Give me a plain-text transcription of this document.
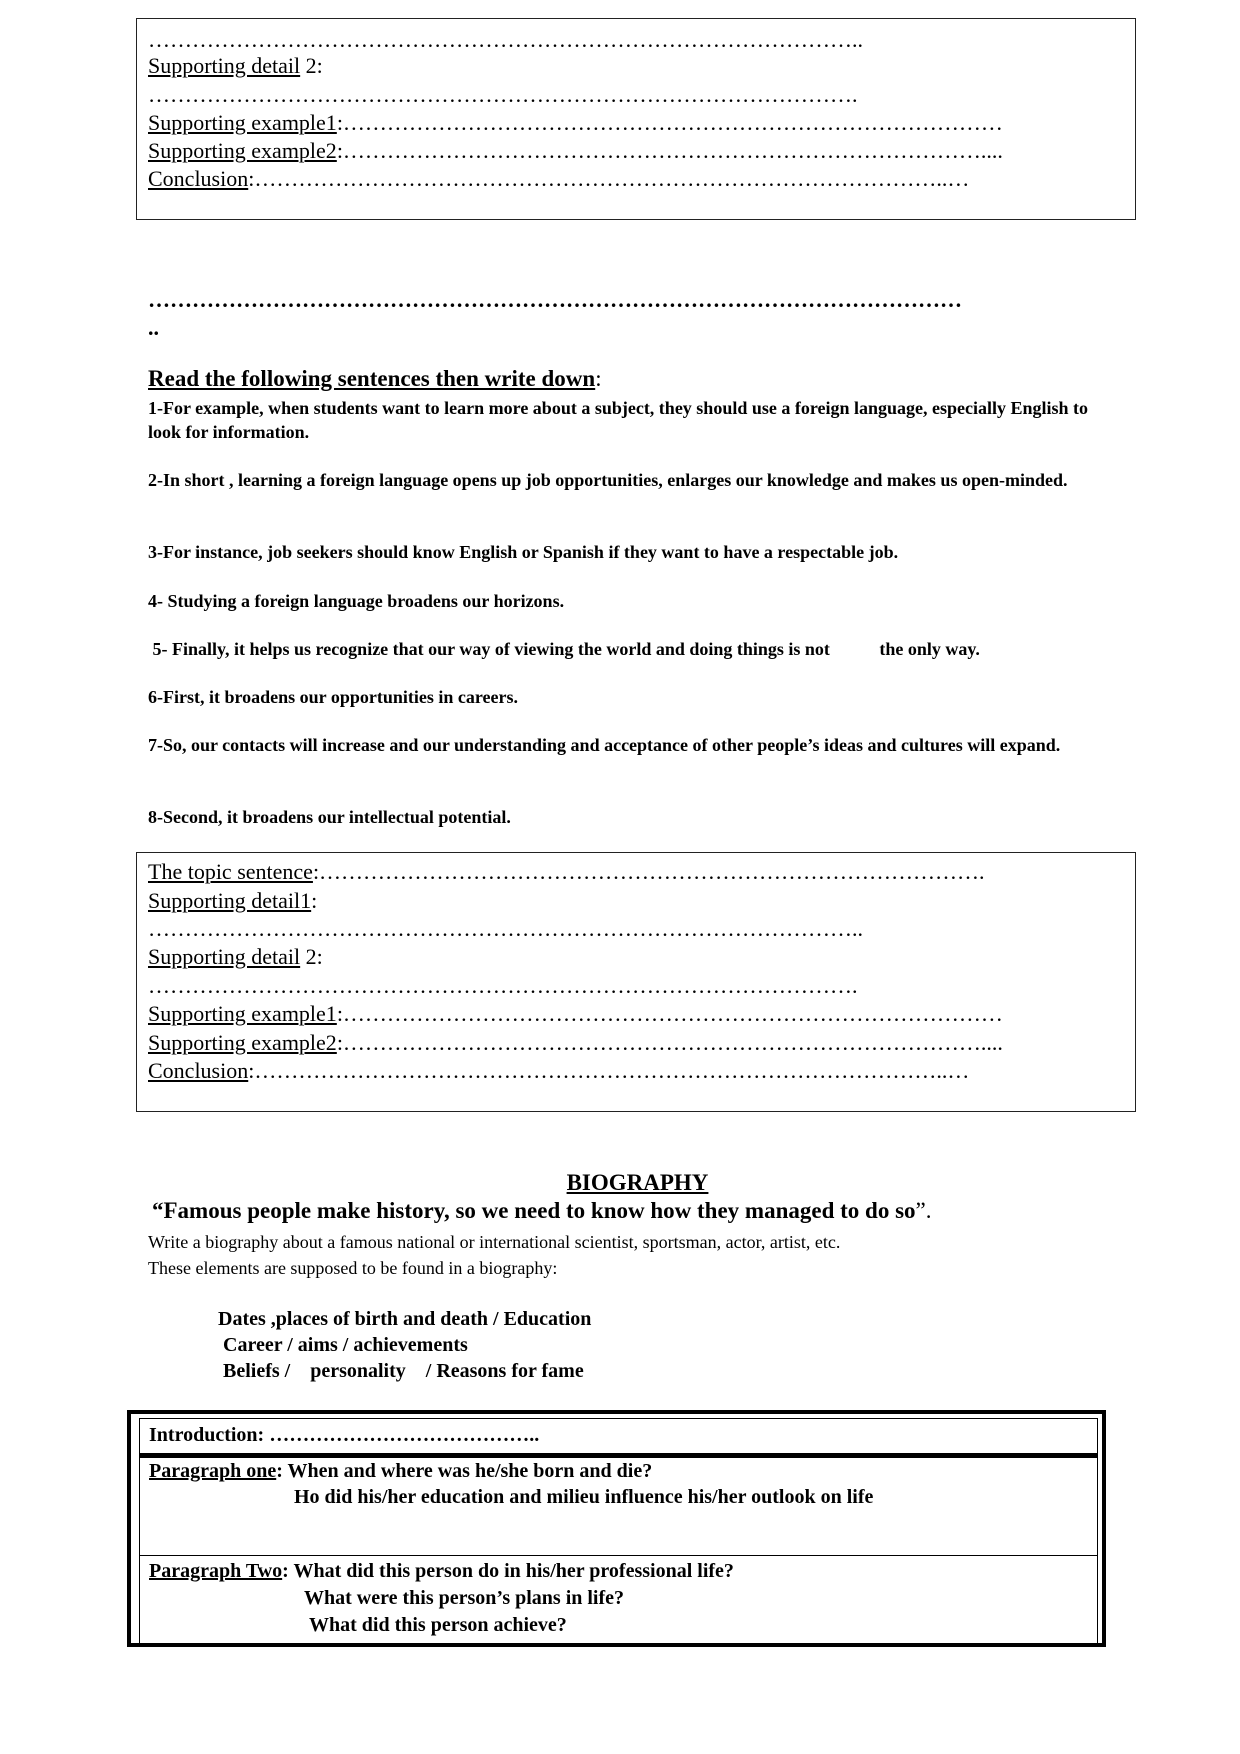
……………………………………………………………………………………..
Supporting detail 2:
…………………………………………………………………………………….
Supporting example1:………………………………………………………………………………
Supporting example2:……………………………………………………………………………....
Conclusion:…………………………………………………………………………………..…
…………………………………………………………………………………………………
..
Read the following sentences then write down:
1-For example, when students want to learn more about a subject, they should use a foreign language, especially English to look for information.
2-In short , learning a foreign language opens up job opportunities, enlarges our knowledge and makes us open-minded.
3-For instance, job seekers should know English or Spanish if they want to have a respectable job.
4- Studying a foreign language broadens our horizons.
5- Finally, it helps us recognize that our way of viewing the world and doing things is not           the only way.
6-First, it broadens our opportunities in careers.
7-So, our contacts will increase and our understanding and acceptance of other people’s ideas and cultures will expand.
8-Second, it broadens our intellectual potential.
The topic sentence:……………………………………………………………………………….
Supporting detail1:
……………………………………………………………………………………..
Supporting detail 2:
…………………………………………………………………………………….
Supporting example1:………………………………………………………………………………
Supporting example2:……………………………………………………………………………....
Conclusion:…………………………………………………………………………………..…
BIOGRAPHY
“Famous people make history, so we need to know how they managed to do so”.
Write a biography about a famous national or international scientist, sportsman, actor, artist, etc.
These elements are supposed to be found in a biography:
Dates ,places of birth and death / Education
Career / aims / achievements
Beliefs /    personality    / Reasons for fame
Introduction: …………………………………..
Paragraph one: When and where was he/she born and die?
Ho did his/her education and milieu influence his/her outlook on life
Paragraph Two: What did this person do in his/her professional life?
What were this person’s plans in life?
What did this person achieve?
